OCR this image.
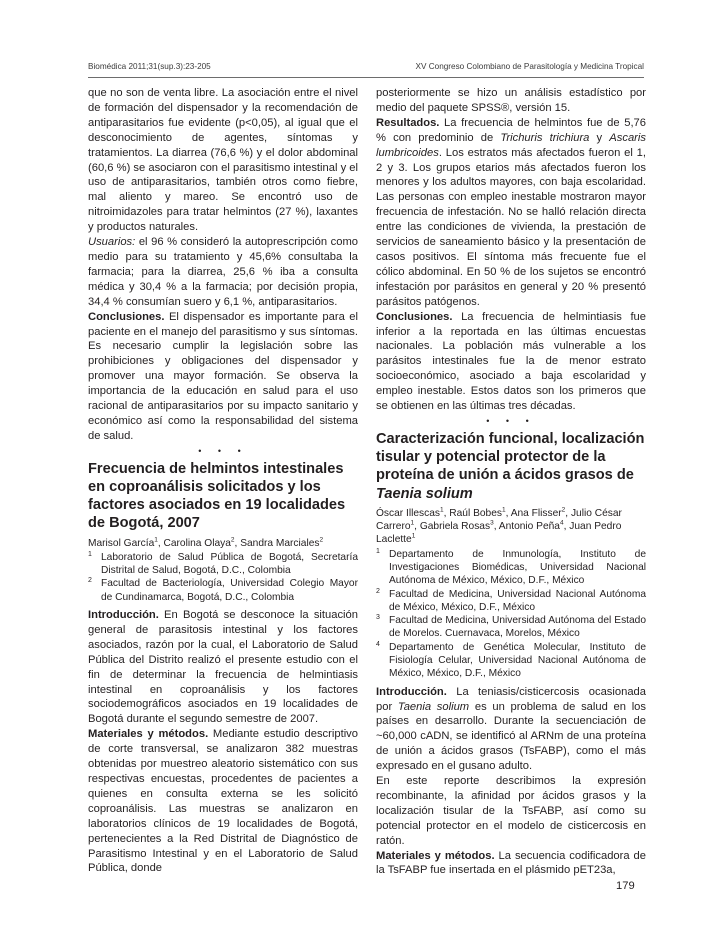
Biomédica 2011;31(sup.3):23-205	XV Congreso Colombiano de Parasitología y Medicina Tropical

que no son de venta libre. La asociación entre el nivel de formación del dispensador y la recomendación de antiparasitarios fue evidente (p<0,05), al igual que el desconocimiento de agentes, síntomas y tratamientos. La diarrea (76,6 %) y el dolor abdominal (60,6 %) se asociaron con el parasitismo intestinal y el uso de antiparasitarios, también otros como fiebre, mal aliento y mareo. Se encontró uso de nitroimidazoles para tratar helmintos (27 %), laxantes y productos naturales.

Usuarios: el 96 % consideró la autoprescripción como medio para su tratamiento y 45,6% consultaba la farmacia; para la diarrea, 25,6 % iba a consulta médica y 30,4 % a la farmacia; por decisión propia, 34,4 % consumían suero y 6,1 %, antiparasitarios.

Conclusiones. El dispensador es importante para el paciente en el manejo del parasitismo y sus síntomas. Es necesario cumplir la legislación sobre las prohibiciones y obligaciones del dispensador y promover una mayor formación. Se observa la importancia de la educación en salud para el uso racional de antiparasitarios por su impacto sanitario y económico así como la responsabilidad del sistema de salud.

• • •
Frecuencia de helmintos intestinales en coproanálisis solicitados y los factores asociados en 19 localidades de Bogotá, 2007
Marisol García$^1$, Carolina Olaya$^2$, Sandra Marciales$^2$

1 Laboratorio de Salud Pública de Bogotá, Secretaría Distrital de Salud, Bogotá, D.C., Colombia

2 Facultad de Bacteriología, Universidad Colegio Mayor de Cundinamarca, Bogotá, D.C., Colombia

Introducción. En Bogotá se desconoce la situación general de parasitosis intestinal y los factores asociados, razón por la cual, el Laboratorio de Salud Pública del Distrito realizó el presente estudio con el fin de determinar la frecuencia de helmintiasis intestinal en coproanálisis y los factores sociodemográficos asociados en 19 localidades de Bogotá durante el segundo semestre de 2007.

Materiales y métodos. Mediante estudio descriptivo de corte transversal, se analizaron 382 muestras obtenidas por muestreo aleatorio sistemático con sus respectivas encuestas, procedentes de pacientes a quienes en consulta externa se les solicitó coproanálisis. Las muestras se analizaron en laboratorios clínicos de 19 localidades de Bogotá, pertenecientes a la Red Distrital de Diagnóstico de Parasitismo Intestinal y en el Laboratorio de Salud Pública, donde

posteriormente se hizo un análisis estadístico por medio del paquete SPSS®, versión 15.

Resultados. La frecuencia de helmintos fue de 5,76 % con predominio de Trichuris trichiura y Ascaris lumbricoides. Los estratos más afectados fueron el 1, 2 y 3. Los grupos etarios más afectados fueron los menores y los adultos mayores, con baja escolaridad. Las personas con empleo inestable mostraron mayor frecuencia de infestación. No se halló relación directa entre las condiciones de vivienda, la prestación de servicios de saneamiento básico y la presentación de casos positivos. El síntoma más frecuente fue el cólico abdominal. En 50 % de los sujetos se encontró infestación por parásitos en general y 20 % presentó parásitos patógenos.

Conclusiones. La frecuencia de helmintiasis fue inferior a la reportada en las últimas encuestas nacionales. La población más vulnerable a los parásitos intestinales fue la de menor estrato socioeconómico, asociado a baja escolaridad y empleo inestable. Estos datos son los primeros que se obtienen en las últimas tres décadas.

• • •
Caracterización funcional, localización tisular y potencial protector de la proteína de unión a ácidos grasos de Taenia solium
Óscar Illescas$^1$, Raúl Bobes$^1$, Ana Flisser$^2$, Julio César Carrero$^1$, Gabriela Rosas$^3$, Antonio Peña$^4$, Juan Pedro Laclette$^1$

1 Departamento de Inmunología, Instituto de Investigaciones Biomédicas, Universidad Nacional Autónoma de México, México, D.F., México

2 Facultad de Medicina, Universidad Nacional Autónoma de México, México, D.F., México

3 Facultad de Medicina, Universidad Autónoma del Estado de Morelos. Cuernavaca, Morelos, México

4 Departamento de Genética Molecular, Instituto de Fisiología Celular, Universidad Nacional Autónoma de México, México, D.F., México

Introducción. La teniasis/cisticercosis ocasionada por Taenia solium es un problema de salud en los países en desarrollo. Durante la secuenciación de ~60,000 cADN, se identificó al ARNm de una proteína de unión a ácidos grasos (TsFABP), como el más expresado en el gusano adulto.

En este reporte describimos la expresión recombinante, la afinidad por ácidos grasos y la localización tisular de la TsFABP, así como su potencial protector en el modelo de cisticercosis en ratón.

Materiales y métodos. La secuencia codificadora de la TsFABP fue insertada en el plásmido pET23a,

179
